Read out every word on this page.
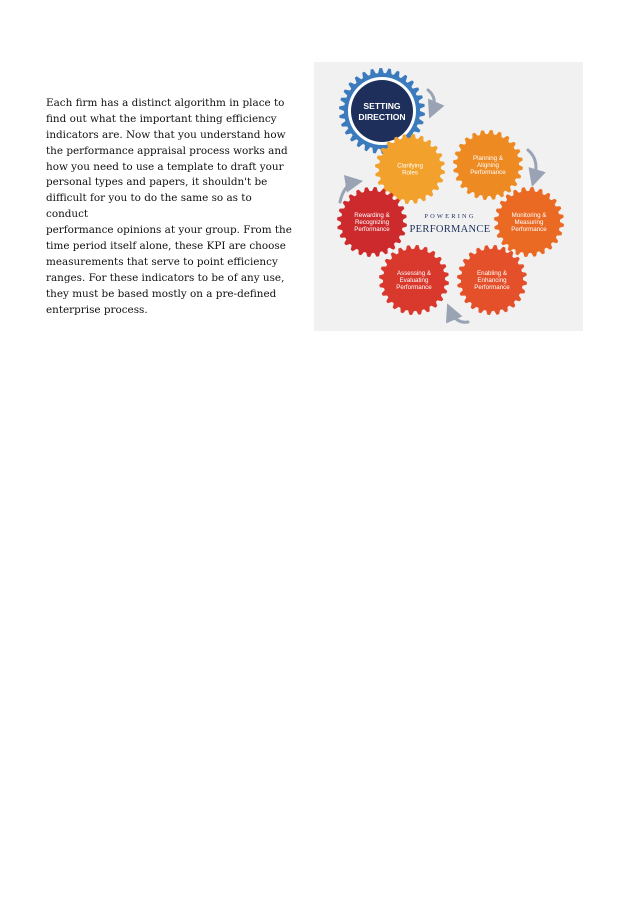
Each firm has a distinct algorithm in place to
find out what the important thing efficiency
indicators are. Now that you understand how
the performance appraisal process works and
how you need to use a template to draft your
personal types and papers, it shouldn't be
difficult for you to do the same so as to conduct
performance opinions at your group. From the
time period itself alone, these KPI are choose
measurements that serve to point efficiency
ranges. For these indicators to be of any use,
they must be based mostly on a pre-defined
enterprise process.

SETTING
DIRECTION
Clarifying
Roles
Planning &
Aligning
Performance
Monitoring &
Measuring
Performance
Enabling &
Enhancing
Performance
Assessing &
Evaluating
Performance
Rewarding &
Recognizing
Performance
POWERING
PERFORMANCE
